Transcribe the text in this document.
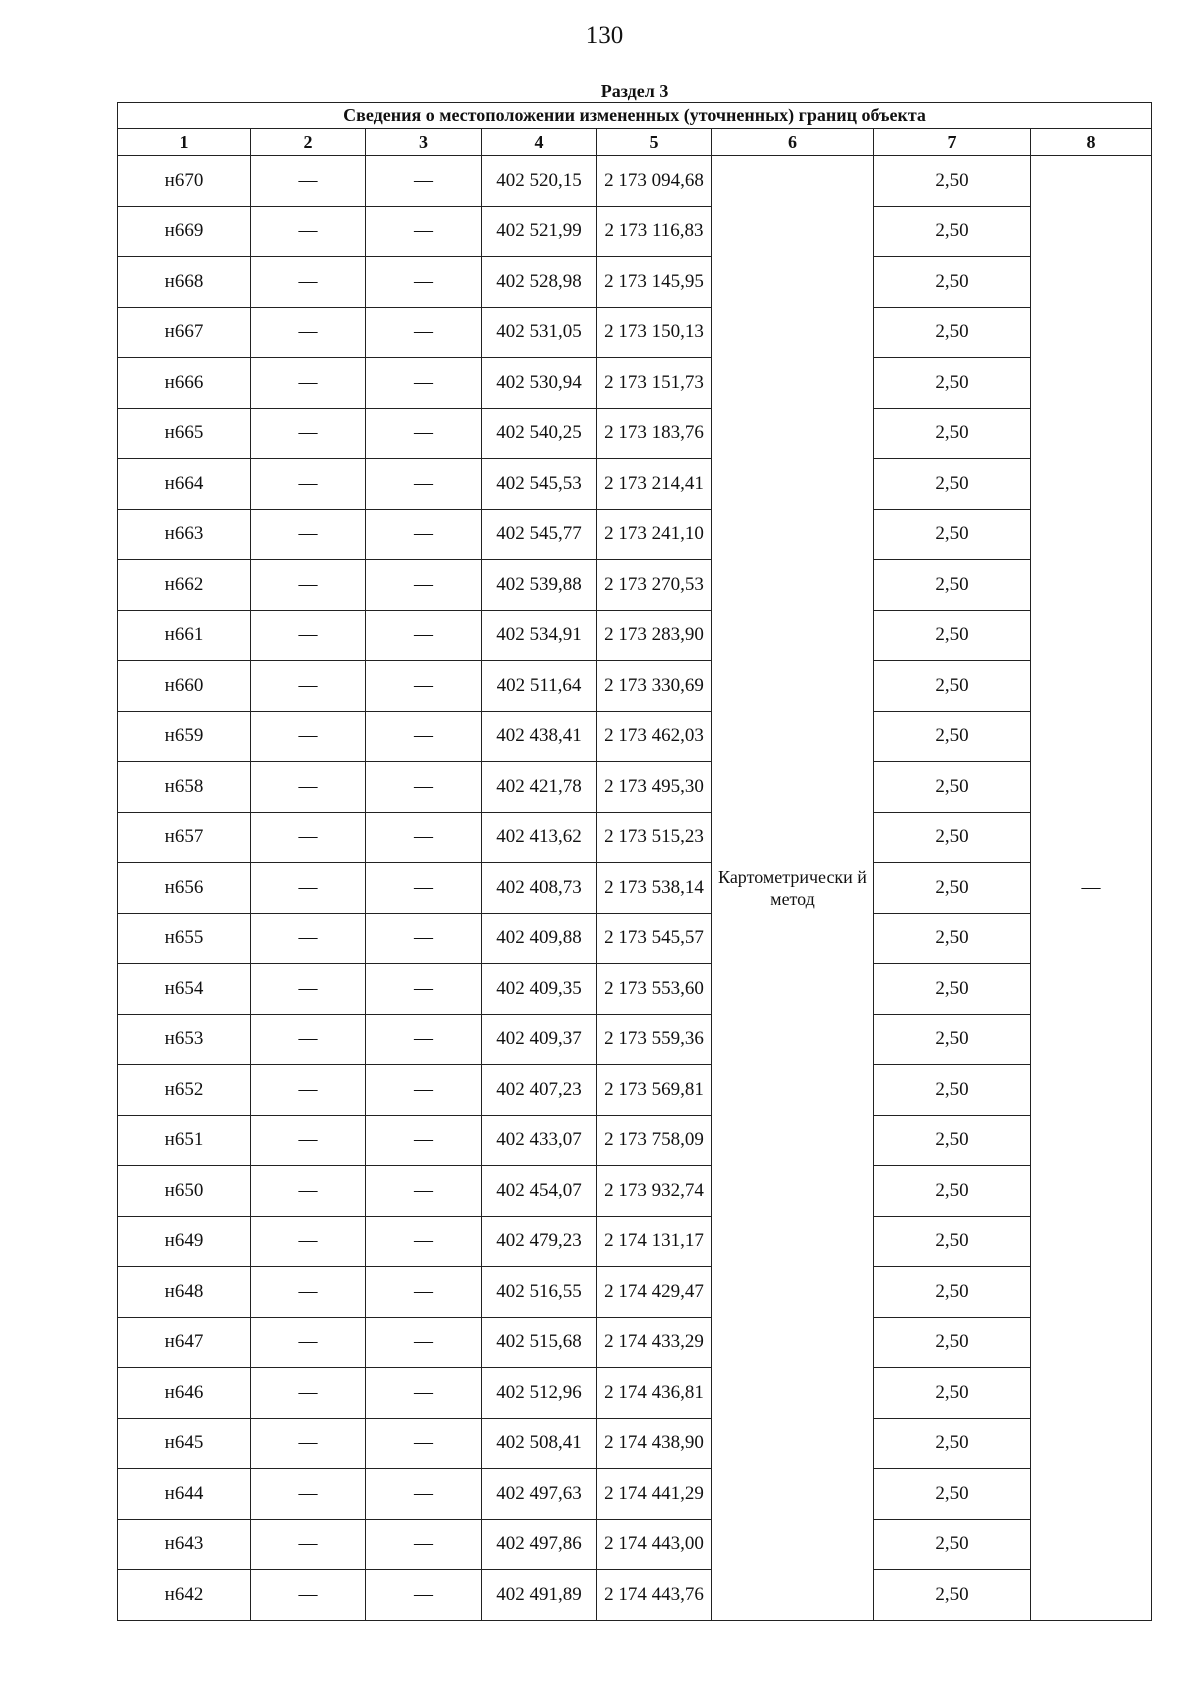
130
Раздел 3							
Сведения о местоположении измененных (уточненных) границ объекта							
1	2	3	4	5	6	7	8
н670	—	—	402 520,15	2 173 094,68	Картометрически й метод	2,50	—
н669	—	—	402 521,99	2 173 116,83		2,50	
н668	—	—	402 528,98	2 173 145,95		2,50	
н667	—	—	402 531,05	2 173 150,13		2,50	
н666	—	—	402 530,94	2 173 151,73		2,50	
н665	—	—	402 540,25	2 173 183,76		2,50	
н664	—	—	402 545,53	2 173 214,41		2,50	
н663	—	—	402 545,77	2 173 241,10		2,50	
н662	—	—	402 539,88	2 173 270,53		2,50	
н661	—	—	402 534,91	2 173 283,90		2,50	
н660	—	—	402 511,64	2 173 330,69		2,50	
н659	—	—	402 438,41	2 173 462,03		2,50	
н658	—	—	402 421,78	2 173 495,30		2,50	
н657	—	—	402 413,62	2 173 515,23		2,50	
н656	—	—	402 408,73	2 173 538,14		2,50	
н655	—	—	402 409,88	2 173 545,57		2,50	
н654	—	—	402 409,35	2 173 553,60		2,50	
н653	—	—	402 409,37	2 173 559,36		2,50	
н652	—	—	402 407,23	2 173 569,81		2,50	
н651	—	—	402 433,07	2 173 758,09		2,50	
н650	—	—	402 454,07	2 173 932,74		2,50	
н649	—	—	402 479,23	2 174 131,17		2,50	
н648	—	—	402 516,55	2 174 429,47		2,50	
н647	—	—	402 515,68	2 174 433,29		2,50	
н646	—	—	402 512,96	2 174 436,81		2,50	
н645	—	—	402 508,41	2 174 438,90		2,50	
н644	—	—	402 497,63	2 174 441,29		2,50	
н643	—	—	402 497,86	2 174 443,00		2,50	
н642	—	—	402 491,89	2 174 443,76		2,50	
